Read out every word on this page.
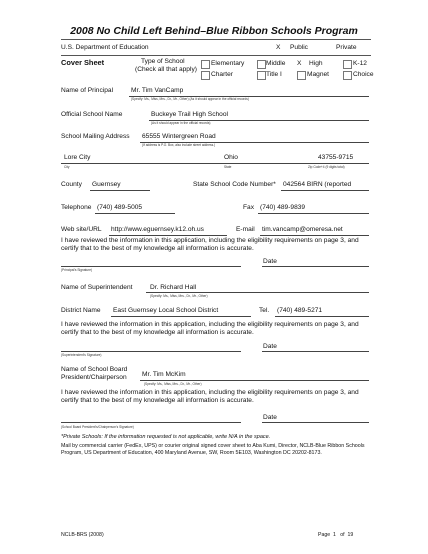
2008 No Child Left Behind–Blue Ribbon Schools Program
U.S. Department of Education	X Public	Private
Cover Sheet	Type of School
(Check all that apply)
Elementary	Middle X High	K-12
Charter	Title I	Magnet	Choice
Name of Principal	Mr. Tim VanCamp
(Specify: Ms., Miss, Mrs., Dr., Mr., Other) (As it should appear in the official records)
Official School Name	Buckeye Trail High School
(As it should appear in the official records)
School Mailing Address 65555 Wintergreen Road
(If address is P.O. Box, also include street address.)
Lore City	Ohio	43755-9715
City	State	Zip Code+4 (9 digits total)
County Guernsey	State School Code Number* 042564 BIRN (reported
Telephone (740) 489-5005	Fax (740) 489-9839
Web site/URL http://www.eguernsey.k12.oh.us	E-mail tim.vancamp@omeresa.net
I have reviewed the information in this application, including the eligibility requirements on page 3, and certify that to the best of my knowledge all information is accurate.
Date
(Principal's Signature)
Name of Superintendent	Dr. Richard Hall
(Specify: Ms., Miss, Mrs., Dr., Mr., Other)
District Name East Guernsey Local School District	Tel. (740) 489-5271
I have reviewed the information in this application, including the eligibility requirements on page 3, and certify that to the best of my knowledge all information is accurate.
Date
(Superintendent's Signature)
Name of School Board
President/Chairperson Mr. Tim McKim
(Specify: Ms., Miss, Mrs., Dr., Mr., Other)
I have reviewed the information in this application, including the eligibility requirements on page 3, and certify that to the best of my knowledge all information is accurate.
Date
(School Board President's/Chairperson's Signature)
*Private Schools: If the information requested is not applicable, write N/A in the space.
Mail by commercial carrier (FedEx, UPS) or courier original signed cover sheet to Aba Kumi, Director, NCLB-Blue Ribbon Schools Program, US Department of Education, 400 Maryland Avenue, SW, Room 5E103, Washington DC 20202-8173.
NCLB-BRS (2008)	Page 1 of 19
